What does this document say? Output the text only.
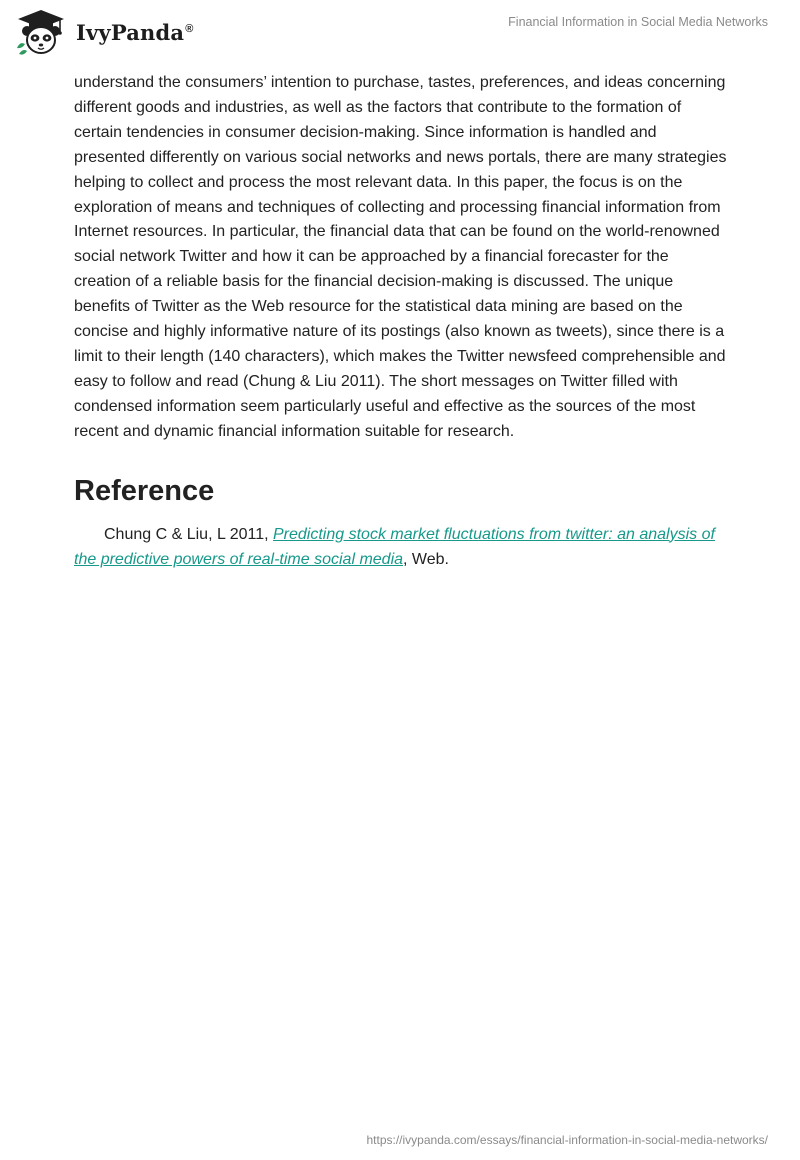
IvyPanda®	Financial Information in Social Media Networks

understand the consumers’ intention to purchase, tastes, preferences, and ideas concerning different goods and industries, as well as the factors that contribute to the formation of certain tendencies in consumer decision-making. Since information is handled and presented differently on various social networks and news portals, there are many strategies helping to collect and process the most relevant data. In this paper, the focus is on the exploration of means and techniques of collecting and processing financial information from Internet resources. In particular, the financial data that can be found on the world-renowned social network Twitter and how it can be approached by a financial forecaster for the creation of a reliable basis for the financial decision-making is discussed. The unique benefits of Twitter as the Web resource for the statistical data mining are based on the concise and highly informative nature of its postings (also known as tweets), since there is a limit to their length (140 characters), which makes the Twitter newsfeed comprehensible and easy to follow and read (Chung & Liu 2011). The short messages on Twitter filled with condensed information seem particularly useful and effective as the sources of the most recent and dynamic financial information suitable for research.

Reference

Chung C & Liu, L 2011, Predicting stock market fluctuations from twitter: an analysis of the predictive powers of real-time social media, Web.

https://ivypanda.com/essays/financial-information-in-social-media-networks/
